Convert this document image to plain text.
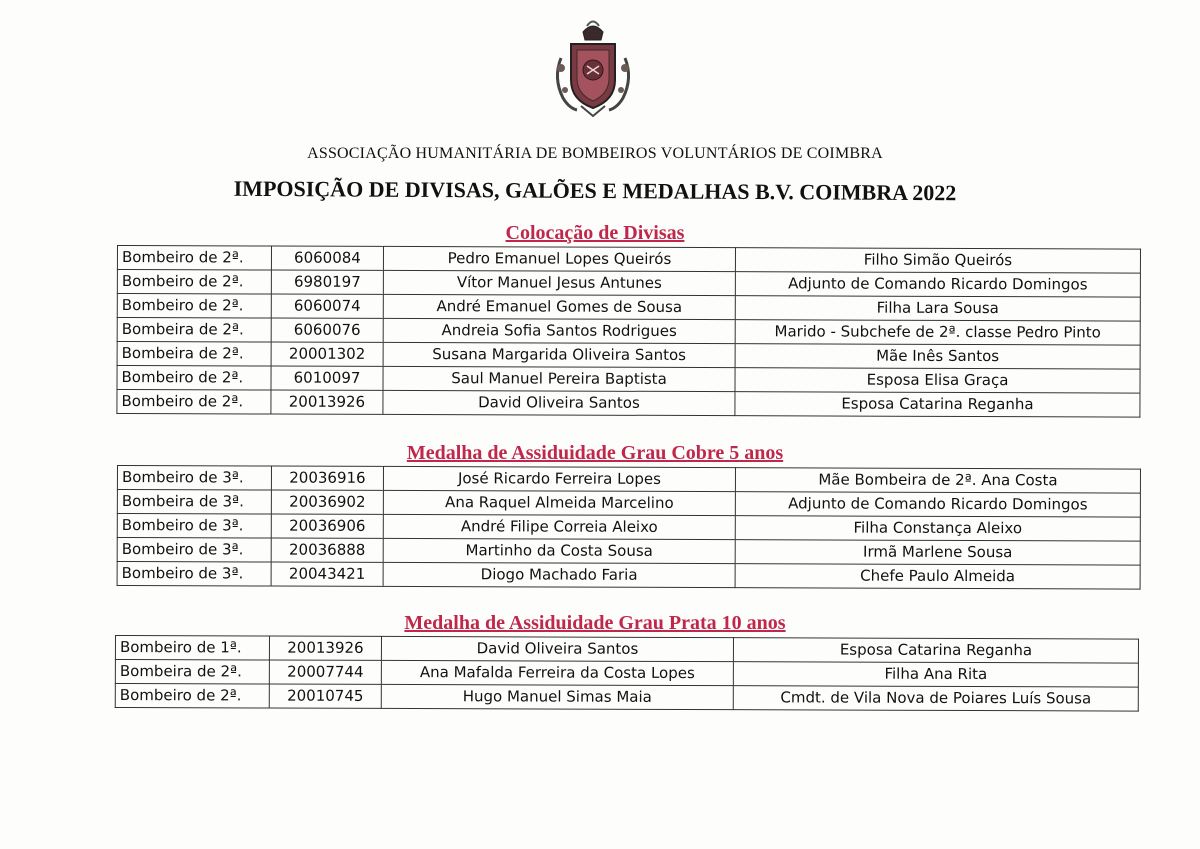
ASSOCIAÇÃO HUMANITÁRIA DE BOMBEIROS VOLUNTÁRIOS DE COIMBRA
IMPOSIÇÃO DE DIVISAS, GALÕES E MEDALHAS B.V. COIMBRA 2022
Colocação de Divisas
Bombeiro de 2ª.	6060084	Pedro Emanuel Lopes Queirós	Filho Simão Queirós
Bombeiro de 2ª.	6980197	Vítor Manuel Jesus Antunes	Adjunto de Comando Ricardo Domingos
Bombeiro de 2ª.	6060074	André Emanuel Gomes de Sousa	Filha Lara Sousa
Bombeira de 2ª.	6060076	Andreia Sofia Santos Rodrigues	Marido - Subchefe de 2ª. classe Pedro Pinto
Bombeira de 2ª.	20001302	Susana Margarida Oliveira Santos	Mãe Inês Santos
Bombeiro de 2ª.	6010097	Saul Manuel Pereira Baptista	Esposa Elisa Graça
Bombeiro de 2ª.	20013926	David Oliveira Santos	Esposa Catarina Reganha
Medalha de Assiduidade Grau Cobre 5 anos
Bombeiro de 3ª.	20036916	José Ricardo Ferreira Lopes	Mãe Bombeira de 2ª. Ana Costa
Bombeira de 3ª.	20036902	Ana Raquel Almeida Marcelino	Adjunto de Comando Ricardo Domingos
Bombeiro de 3ª.	20036906	André Filipe Correia Aleixo	Filha Constança Aleixo
Bombeiro de 3ª.	20036888	Martinho da Costa Sousa	Irmã Marlene Sousa
Bombeiro de 3ª.	20043421	Diogo Machado Faria	Chefe Paulo Almeida
Medalha de Assiduidade Grau Prata 10 anos
Bombeiro de 1ª.	20013926	David Oliveira Santos	Esposa Catarina Reganha
Bombeira de 2ª.	20007744	Ana Mafalda Ferreira da Costa Lopes	Filha Ana Rita
Bombeiro de 2ª.	20010745	Hugo Manuel Simas Maia	Cmdt. de Vila Nova de Poiares Luís Sousa
